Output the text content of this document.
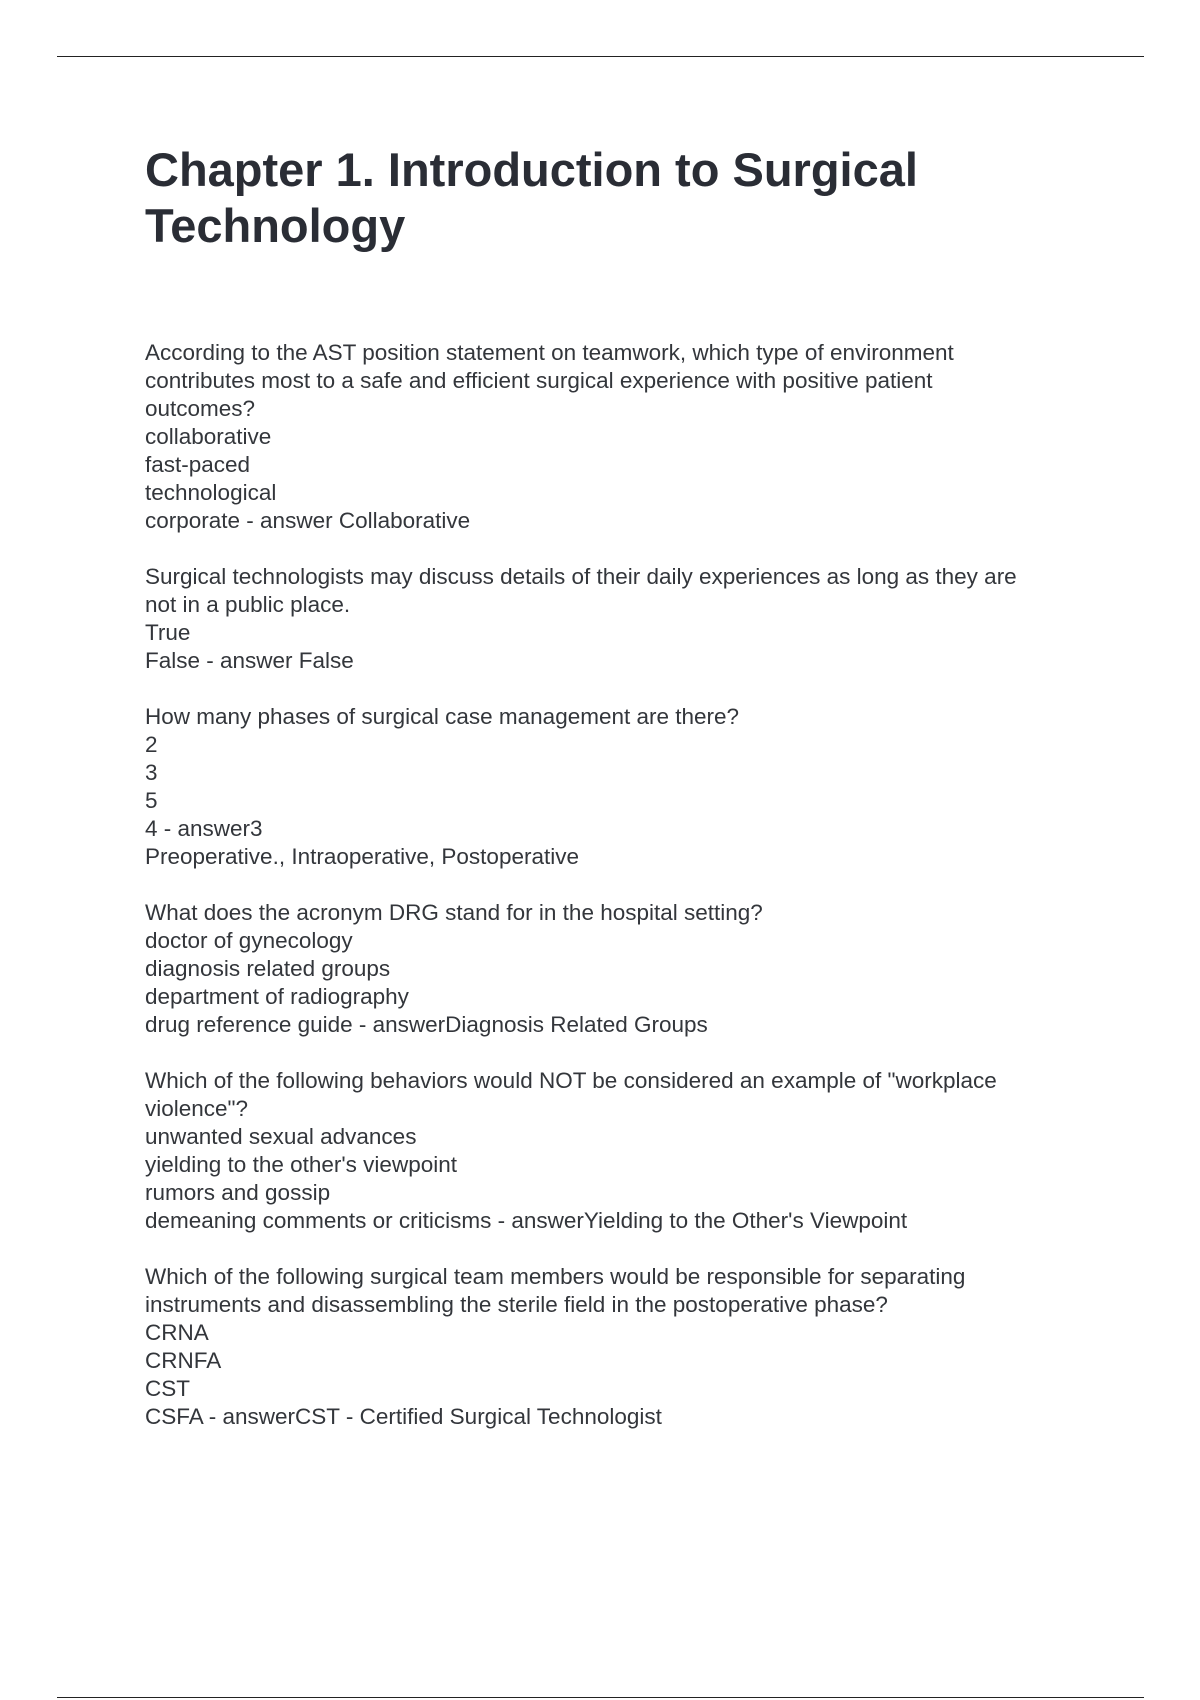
Chapter 1. Introduction to Surgical Technology
According to the AST position statement on teamwork, which type of environment
contributes most to a safe and efficient surgical experience with positive patient
outcomes?
collaborative
fast-paced
technological
corporate - answer Collaborative
Surgical technologists may discuss details of their daily experiences as long as they are
not in a public place.
True
False - answer False
How many phases of surgical case management are there?
2
3
5
4 - answer3
Preoperative., Intraoperative, Postoperative
What does the acronym DRG stand for in the hospital setting?
doctor of gynecology
diagnosis related groups
department of radiography
drug reference guide - answerDiagnosis Related Groups
Which of the following behaviors would NOT be considered an example of "workplace
violence"?
unwanted sexual advances
yielding to the other's viewpoint
rumors and gossip
demeaning comments or criticisms - answerYielding to the Other's Viewpoint
Which of the following surgical team members would be responsible for separating
instruments and disassembling the sterile field in the postoperative phase?
CRNA
CRNFA
CST
CSFA - answerCST - Certified Surgical Technologist
